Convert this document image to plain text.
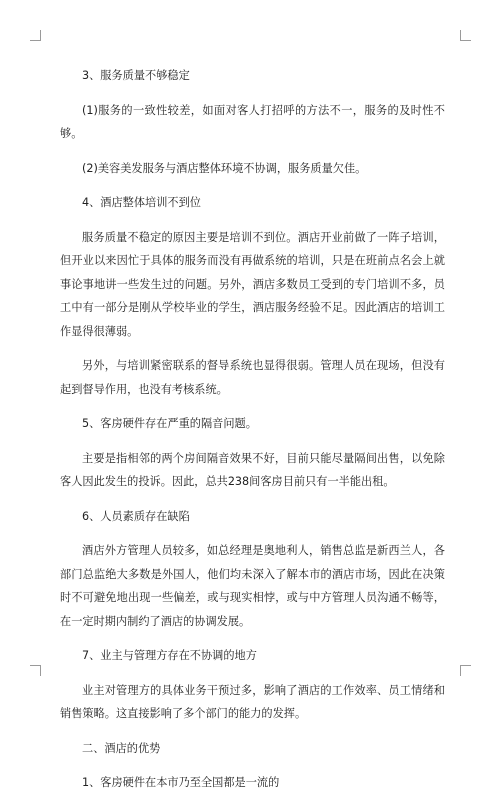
3、服务质量不够稳定

(1)服务的一致性较差，如面对客人打招呼的方法不一，服务的及时性不够。

(2)美容美发服务与酒店整体环境不协调，服务质量欠佳。

4、酒店整体培训不到位

服务质量不稳定的原因主要是培训不到位。酒店开业前做了一阵子培训，但开业以来因忙于具体的服务而没有再做系统的培训，只是在班前点名会上就事论事地讲一些发生过的问题。另外，酒店多数员工受到的专门培训不多，员工中有一部分是刚从学校毕业的学生，酒店服务经验不足。因此酒店的培训工作显得很薄弱。

另外，与培训紧密联系的督导系统也显得很弱。管理人员在现场，但没有起到督导作用，也没有考核系统。

5、客房硬件存在严重的隔音问题。

主要是指相邻的两个房间隔音效果不好，目前只能尽量隔间出售，以免除客人因此发生的投诉。因此，总共238间客房目前只有一半能出租。

6、人员素质存在缺陷

酒店外方管理人员较多，如总经理是奥地利人，销售总监是新西兰人，各部门总监绝大多数是外国人，他们均未深入了解本市的酒店市场，因此在决策时不可避免地出现一些偏差，或与现实相悖，或与中方管理人员沟通不畅等，在一定时期内制约了酒店的协调发展。

7、业主与管理方存在不协调的地方

业主对管理方的具体业务干预过多，影响了酒店的工作效率、员工情绪和销售策略。这直接影响了多个部门的能力的发挥。

二、酒店的优势

1、客房硬件在本市乃至全国都是一流的
